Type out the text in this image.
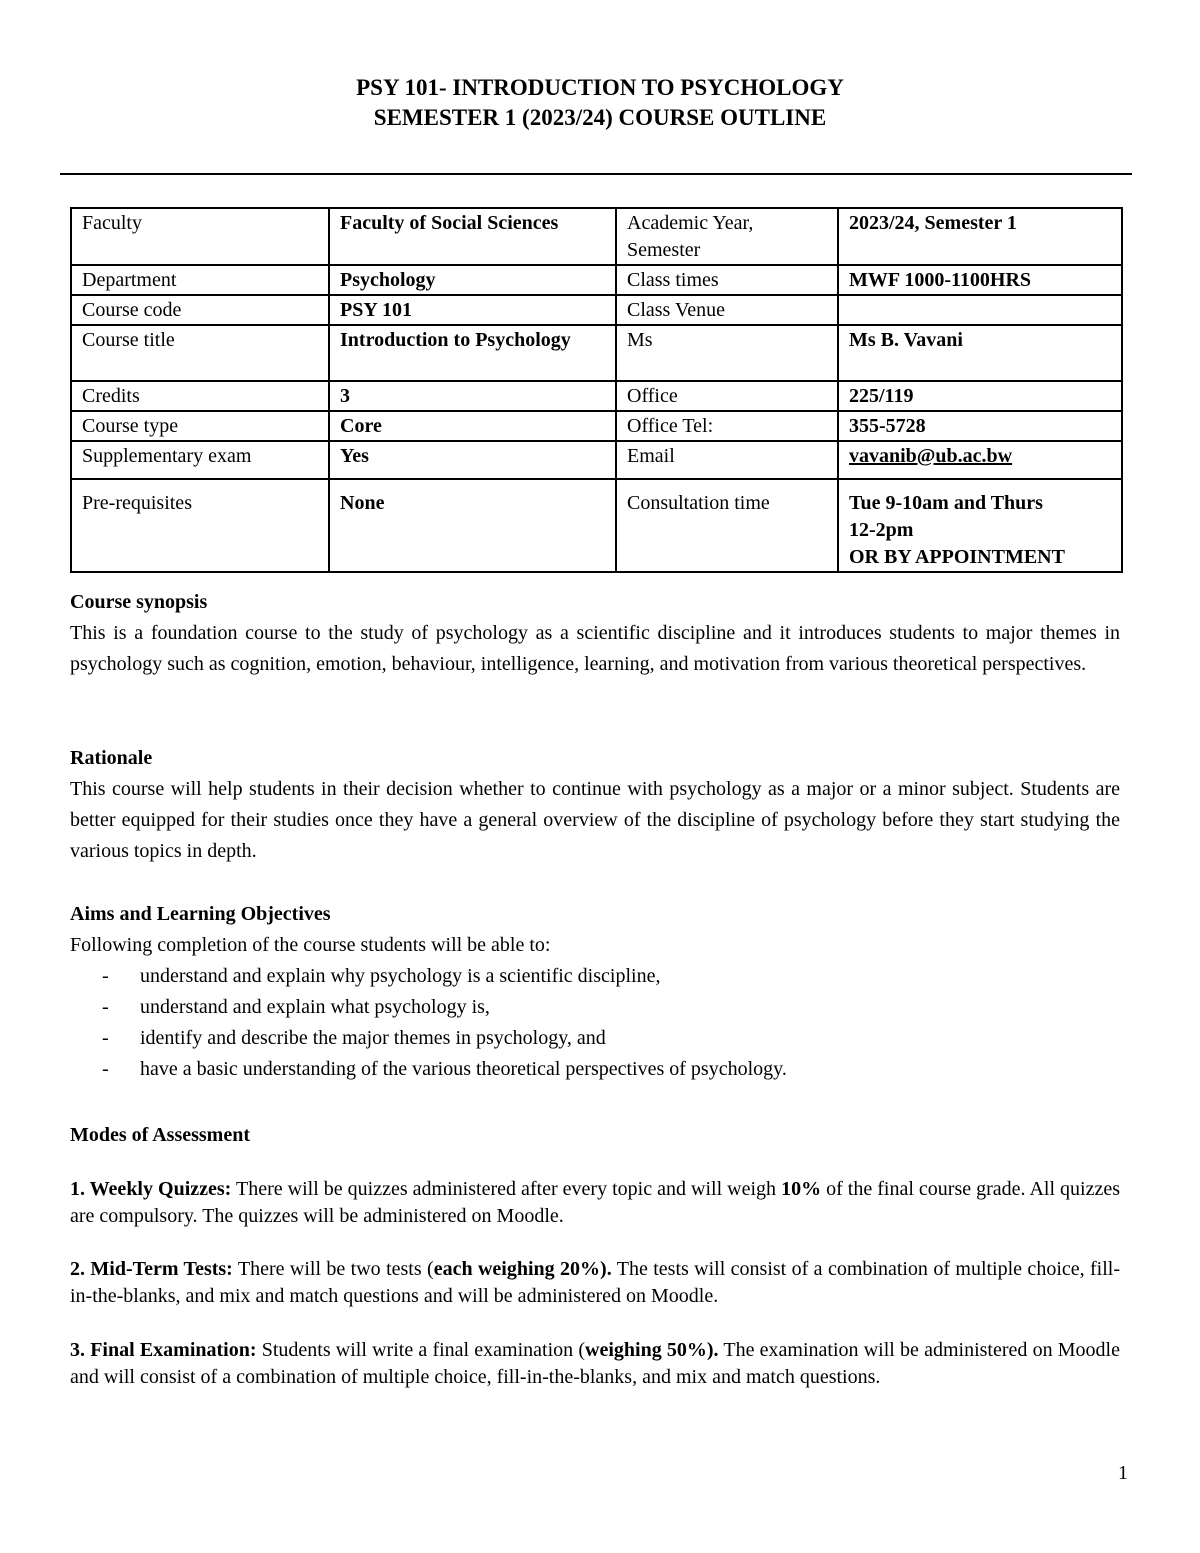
PSY 101- INTRODUCTION TO PSYCHOLOGY
SEMESTER 1 (2023/24) COURSE OUTLINE
Faculty	Faculty of Social Sciences	Academic Year, Semester	2023/24, Semester 1
Department	Psychology	Class times	MWF 1000-1100HRS
Course code	PSY 101	Class Venue	
Course title	Introduction to Psychology	Ms	Ms B. Vavani
Credits	3	Office	225/119
Course type	Core	Office Tel:	355-5728
Supplementary exam	Yes	Email	vavanib@ub.ac.bw
Pre-requisites	None	Consultation time	Tue 9-10am and Thurs
12-2pm
OR BY APPOINTMENT
Course synopsis
This is a foundation course to the study of psychology as a scientific discipline and it introduces students to major themes in psychology such as cognition, emotion, behaviour, intelligence, learning, and motivation from various theoretical perspectives.
Rationale
This course will help students in their decision whether to continue with psychology as a major or a minor subject. Students are better equipped for their studies once they have a general overview of the discipline of psychology before they start studying the various topics in depth.
Aims and Learning Objectives
Following completion of the course students will be able to:
- understand and explain why psychology is a scientific discipline,
- understand and explain what psychology is,
- identify and describe the major themes in psychology, and
- have a basic understanding of the various theoretical perspectives of psychology.
Modes of Assessment
1. Weekly Quizzes: There will be quizzes administered after every topic and will weigh 10% of the final course grade. All quizzes are compulsory. The quizzes will be administered on Moodle.
2. Mid-Term Tests: There will be two tests (each weighing 20%). The tests will consist of a combination of multiple choice, fill-in-the-blanks, and mix and match questions and will be administered on Moodle.
3. Final Examination: Students will write a final examination (weighing 50%). The examination will be administered on Moodle and will consist of a combination of multiple choice, fill-in-the-blanks, and mix and match questions.
1
